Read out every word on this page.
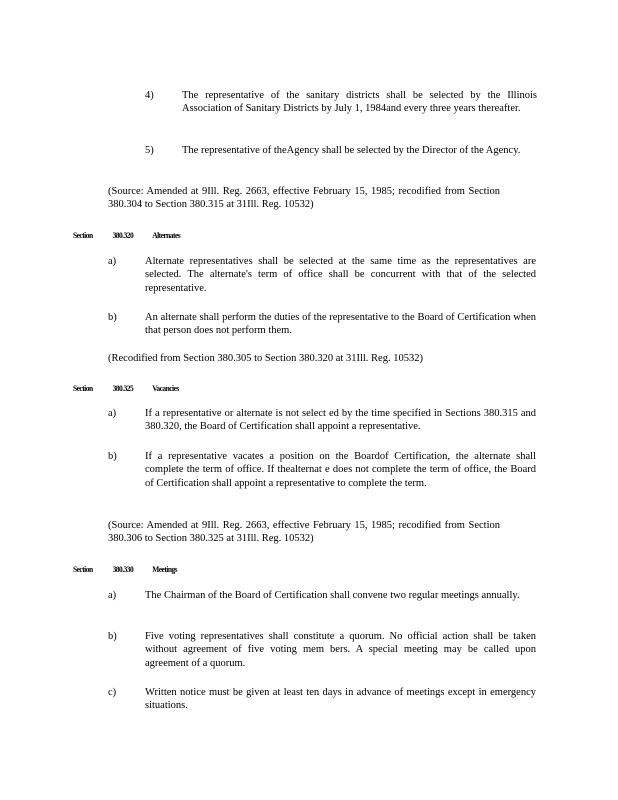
4)	The representative of the sanitary districts shall be selected by the Illinois Association of Sanitary Districts by July 1, 1984and every three years thereafter.
5)	The representative of theAgency shall be selected by the Director of the Agency.
(Source: Amended at 9Ill. Reg. 2663, effective February 15, 1985; recodified from Section 380.304 to Section 380.315 at 31Ill. Reg. 10532)
Section 380.320 Alternates
a)	Alternate representatives shall be selected at the same time as the representatives are selected. The alternate's term of office shall be concurrent with that of the selected representative.
b)	An alternate shall perform the duties of the representative to the Board of Certification when that person does not perform them.
(Recodified from Section 380.305 to Section 380.320 at 31Ill. Reg. 10532)
Section 380.325 Vacancies
a)	If a representative or alternate is not select ed by the time specified in Sections 380.315 and 380.320, the Board of Certification shall appoint a representative.
b)	If a representative vacates a position on the Boardof Certification, the alternate shall complete the term of office. If thealternat e does not complete the term of office, the Board of Certification shall appoint a representative to complete the term.
(Source: Amended at 9Ill. Reg. 2663, effective February 15, 1985; recodified from Section 380.306 to Section 380.325 at 31Ill. Reg. 10532)
Section 380.330 Meetings
a)	The Chairman of the Board of Certification shall convene two regular meetings annually.
b)	Five voting representatives shall constitute a quorum. No official action shall be taken without agreement of five voting mem bers. A special meeting may be called upon agreement of a quorum.
c)	Written notice must be given at least ten days in advance of meetings except in emergency situations.
